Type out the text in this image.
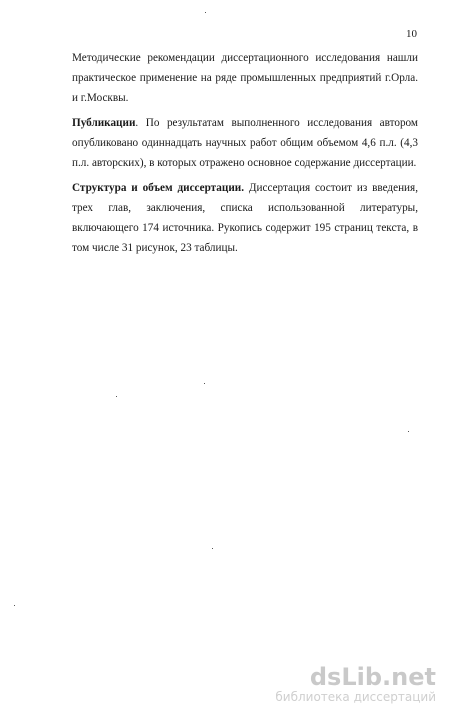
10

Методические рекомендации диссертационного исследования нашли практическое применение на ряде промышленных предприятий г.Орла. и г.Москвы.

Публикации. По результатам выполненного исследования автором опубликовано одиннадцать научных работ общим объемом 4,6 п.л. (4,3 п.л. авторских), в которых отражено основное содержание диссертации.

Структура и объем диссертации. Диссертация состоит из введения, трех глав, заключения, списка использованной литературы, включающего 174 источника. Рукопись содержит 195 страниц текста, в том числе 31 рисунок, 23 таблицы.

dsLib.net
библиотека диссертаций
